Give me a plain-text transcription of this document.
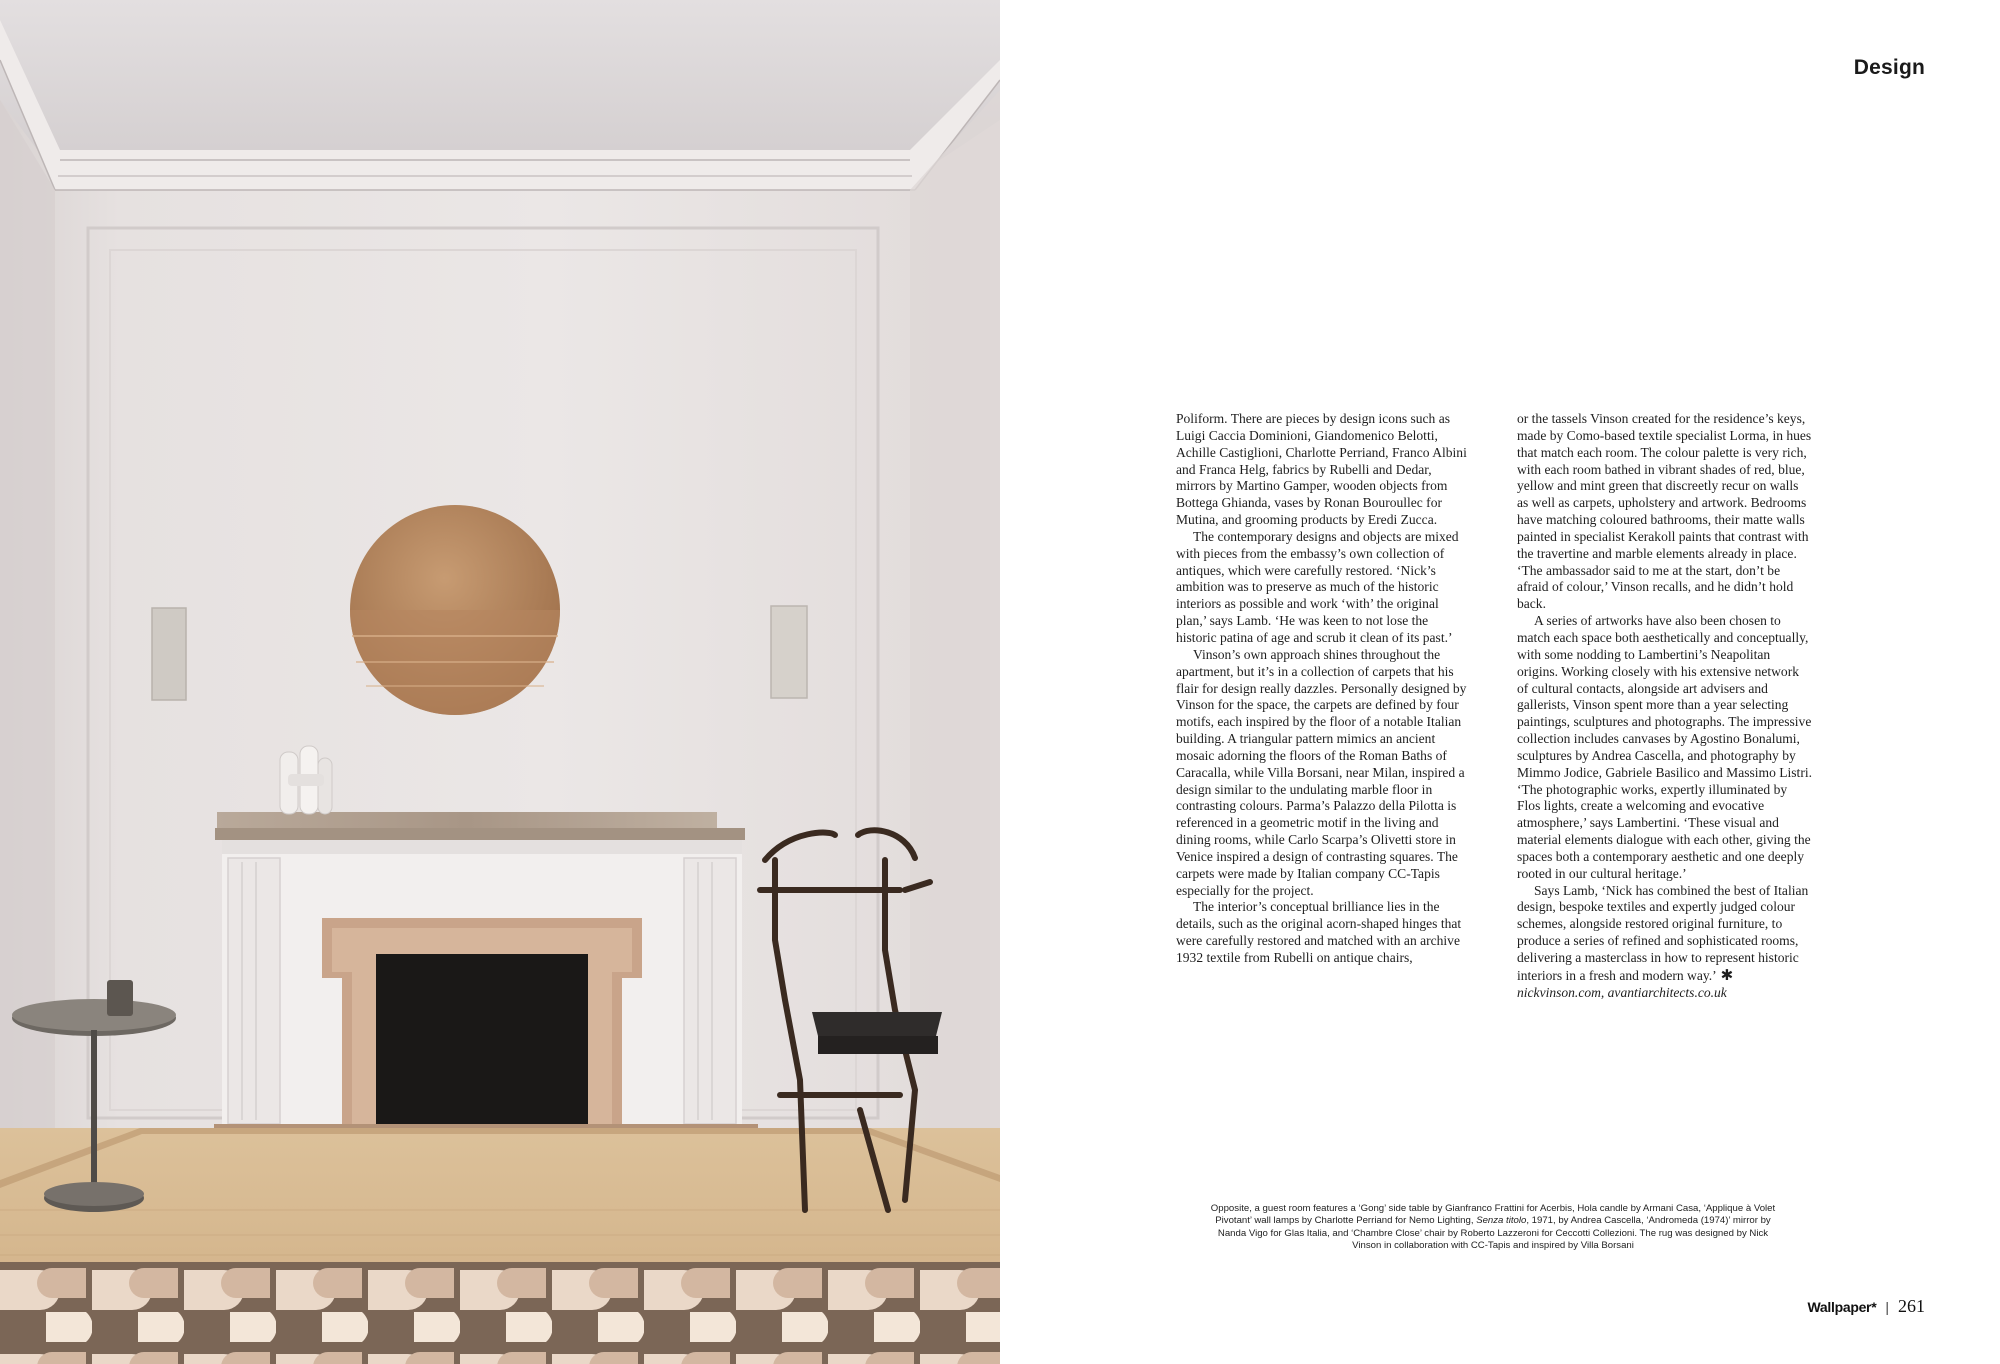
Design

Poliform. There are pieces by design icons such as Luigi Caccia Dominioni, Giandomenico Belotti, Achille Castiglioni, Charlotte Perriand, Franco Albini and Franca Helg, fabrics by Rubelli and Dedar, mirrors by Martino Gamper, wooden objects from Bottega Ghianda, vases by Ronan Bouroullec for Mutina, and grooming products by Eredi Zucca.

The contemporary designs and objects are mixed with pieces from the embassy’s own collection of antiques, which were carefully restored. ‘Nick’s ambition was to preserve as much of the historic interiors as possible and work ‘with’ the original plan,’ says Lamb. ‘He was keen to not lose the historic patina of age and scrub it clean of its past.’

Vinson’s own approach shines throughout the apartment, but it’s in a collection of carpets that his flair for design really dazzles. Personally designed by Vinson for the space, the carpets are defined by four motifs, each inspired by the floor of a notable Italian building. A triangular pattern mimics an ancient mosaic adorning the floors of the Roman Baths of Caracalla, while Villa Borsani, near Milan, inspired a design similar to the undulating marble floor in contrasting colours. Parma’s Palazzo della Pilotta is referenced in a geometric motif in the living and dining rooms, while Carlo Scarpa’s Olivetti store in Venice inspired a design of contrasting squares. The carpets were made by Italian company CC-Tapis especially for the project.

The interior’s conceptual brilliance lies in the details, such as the original acorn-shaped hinges that were carefully restored and matched with an archive 1932 textile from Rubelli on antique chairs,

or the tassels Vinson created for the residence’s keys, made by Como-based textile specialist Lorma, in hues that match each room. The colour palette is very rich, with each room bathed in vibrant shades of red, blue, yellow and mint green that discreetly recur on walls as well as carpets, upholstery and artwork. Bedrooms have matching coloured bathrooms, their matte walls painted in specialist Kerakoll paints that contrast with the travertine and marble elements already in place. ‘The ambassador said to me at the start, don’t be afraid of colour,’ Vinson recalls, and he didn’t hold back.

A series of artworks have also been chosen to match each space both aesthetically and conceptually, with some nodding to Lambertini’s Neapolitan origins. Working closely with his extensive network of cultural contacts, alongside art advisers and gallerists, Vinson spent more than a year selecting paintings, sculptures and photographs. The impressive collection includes canvases by Agostino Bonalumi, sculptures by Andrea Cascella, and photography by Mimmo Jodice, Gabriele Basilico and Massimo Listri. ‘The photographic works, expertly illuminated by Flos lights, create a welcoming and evocative atmosphere,’ says Lambertini. ‘These visual and material elements dialogue with each other, giving the spaces both a contemporary aesthetic and one deeply rooted in our cultural heritage.’

Says Lamb, ‘Nick has combined the best of Italian design, bespoke textiles and expertly judged colour schemes, alongside restored original furniture, to produce a series of refined and sophisticated rooms, delivering a masterclass in how to represent historic interiors in a fresh and modern way.’ ✱

nickvinson.com, avantiarchitects.co.uk

Opposite, a guest room features a ‘Gong’ side table by Gianfranco Frattini for Acerbis, Hola candle by Armani Casa, ‘Applique à Volet Pivotant’ wall lamps by Charlotte Perriand for Nemo Lighting, Senza titolo, 1971, by Andrea Cascella, ‘Andromeda (1974)’ mirror by Nanda Vigo for Glas Italia, and ‘Chambre Close’ chair by Roberto Lazzeroni for Ceccotti Collezioni. The rug was designed by Nick Vinson in collaboration with CC-Tapis and inspired by Villa Borsani
Wallpaper* | 261
